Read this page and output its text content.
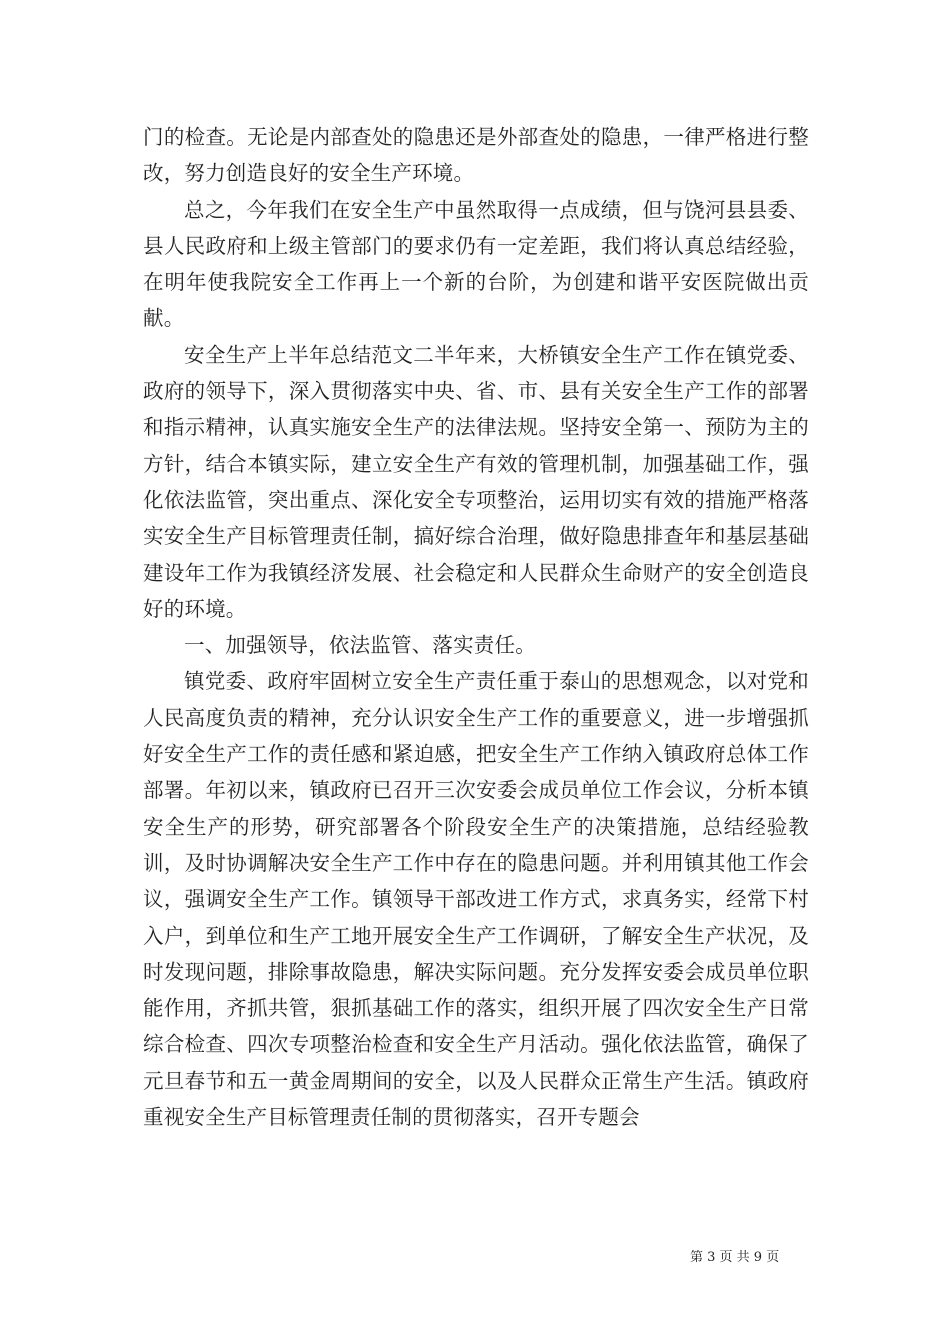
门的检查。无论是内部查处的隐患还是外部查处的隐患，一律严格进行整改，努力创造良好的安全生产环境。

总之，今年我们在安全生产中虽然取得一点成绩，但与饶河县县委、县人民政府和上级主管部门的要求仍有一定差距，我们将认真总结经验，在明年使我院安全工作再上一个新的台阶，为创建和谐平安医院做出贡献。

安全生产上半年总结范文二半年来，大桥镇安全生产工作在镇党委、政府的领导下，深入贯彻落实中央、省、市、县有关安全生产工作的部署和指示精神，认真实施安全生产的法律法规。坚持安全第一、预防为主的方针，结合本镇实际，建立安全生产有效的管理机制，加强基础工作，强化依法监管，突出重点、深化安全专项整治，运用切实有效的措施严格落实安全生产目标管理责任制，搞好综合治理，做好隐患排查年和基层基础建设年工作为我镇经济发展、社会稳定和人民群众生命财产的安全创造良好的环境。

一、加强领导，依法监管、落实责任。

镇党委、政府牢固树立安全生产责任重于泰山的思想观念，以对党和人民高度负责的精神，充分认识安全生产工作的重要意义，进一步增强抓好安全生产工作的责任感和紧迫感，把安全生产工作纳入镇政府总体工作部署。年初以来，镇政府已召开三次安委会成员单位工作会议，分析本镇安全生产的形势，研究部署各个阶段安全生产的决策措施，总结经验教训，及时协调解决安全生产工作中存在的隐患问题。并利用镇其他工作会议，强调安全生产工作。镇领导干部改进工作方式，求真务实，经常下村入户，到单位和生产工地开展安全生产工作调研，了解安全生产状况，及时发现问题，排除事故隐患，解决实际问题。充分发挥安委会成员单位职能作用，齐抓共管，狠抓基础工作的落实，组织开展了四次安全生产日常综合检查、四次专项整治检查和安全生产月活动。强化依法监管，确保了元旦春节和五一黄金周期间的安全，以及人民群众正常生产生活。镇政府重视安全生产目标管理责任制的贯彻落实，召开专题会

第 3 页 共 9 页
